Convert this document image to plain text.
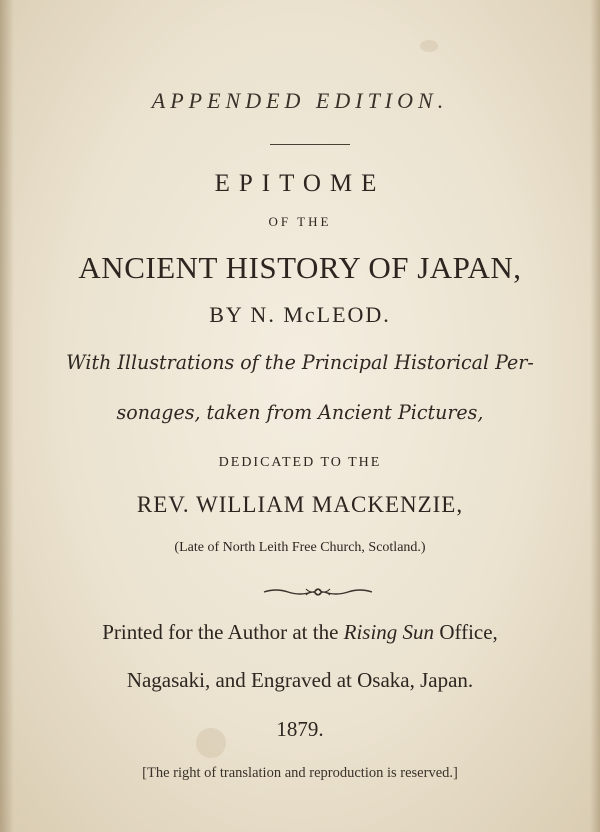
APPENDED EDITION.
EPITOME
OF THE
ANCIENT HISTORY OF JAPAN,
BY N. McLEOD.
With Illustrations of the Principal Historical Per-
sonages, taken from Ancient Pictures,
DEDICATED TO THE
REV. WILLIAM MACKENZIE,
(Late of North Leith Free Church, Scotland.)
Printed for the Author at the Rising Sun Office,
Nagasaki, and Engraved at Osaka, Japan.
1879.
[The right of translation and reproduction is reserved.]
